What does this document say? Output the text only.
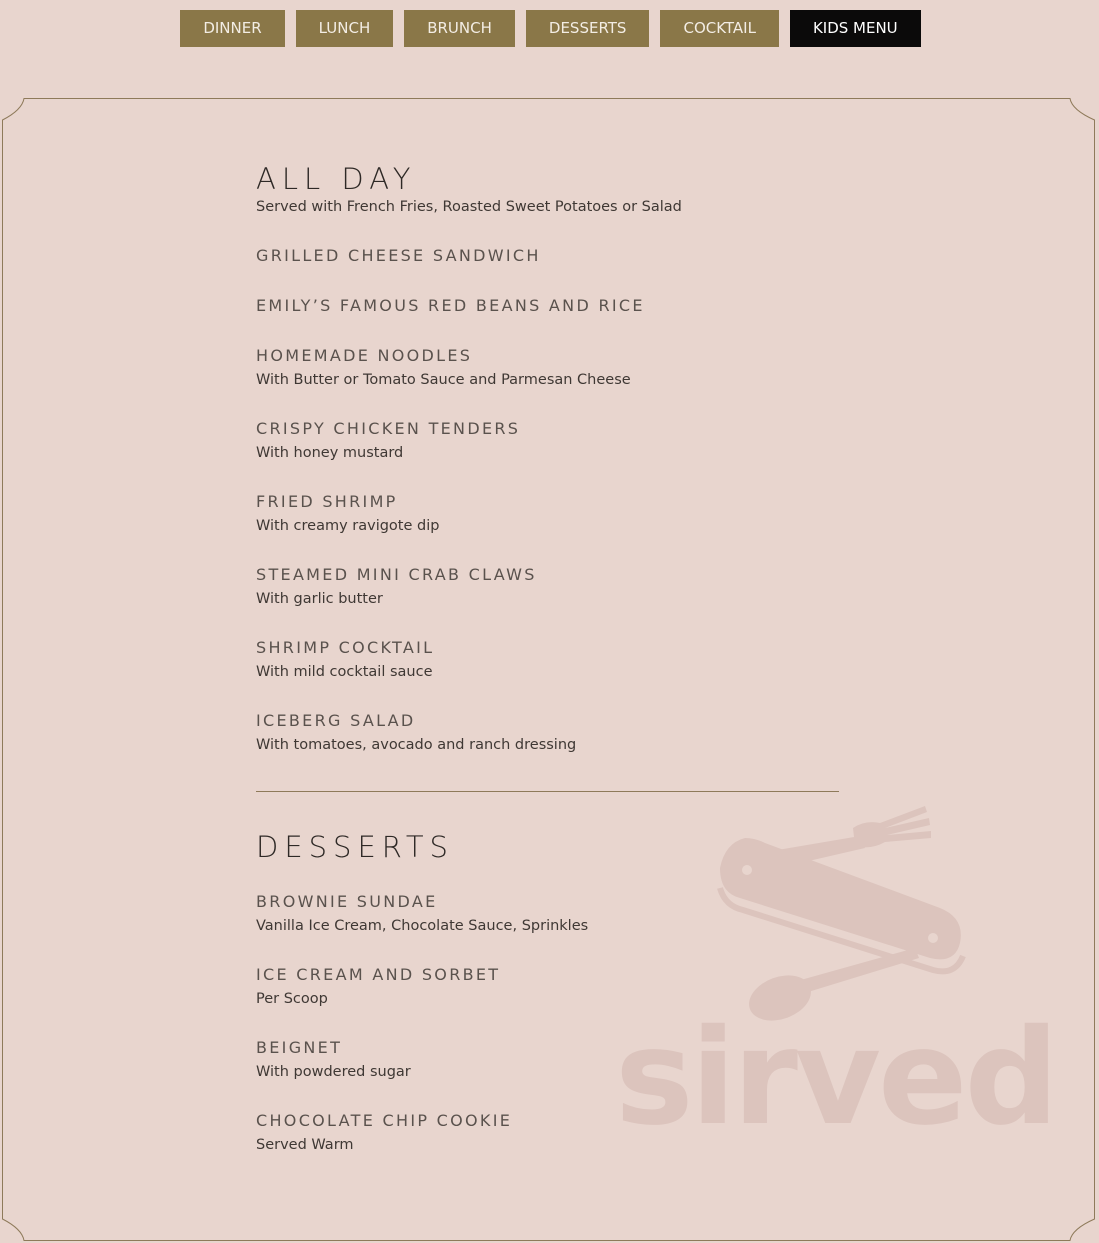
DINNER	LUNCH	BRUNCH	DESSERTS	COCKTAIL	KIDS MENU
sirved
ALL DAY

Served with French Fries, Roasted Sweet Potatoes or Salad

GRILLED CHEESE SANDWICH
EMILY’S FAMOUS RED BEANS AND RICE
HOMEMADE NOODLES
With Butter or Tomato Sauce and Parmesan Cheese
CRISPY CHICKEN TENDERS
With honey mustard
FRIED SHRIMP
With creamy ravigote dip
STEAMED MINI CRAB CLAWS
With garlic butter
SHRIMP COCKTAIL
With mild cocktail sauce
ICEBERG SALAD
With tomatoes, avocado and ranch dressing
DESSERTS
BROWNIE SUNDAE
Vanilla Ice Cream, Chocolate Sauce, Sprinkles
ICE CREAM AND SORBET
Per Scoop
BEIGNET
With powdered sugar
CHOCOLATE CHIP COOKIE
Served Warm
